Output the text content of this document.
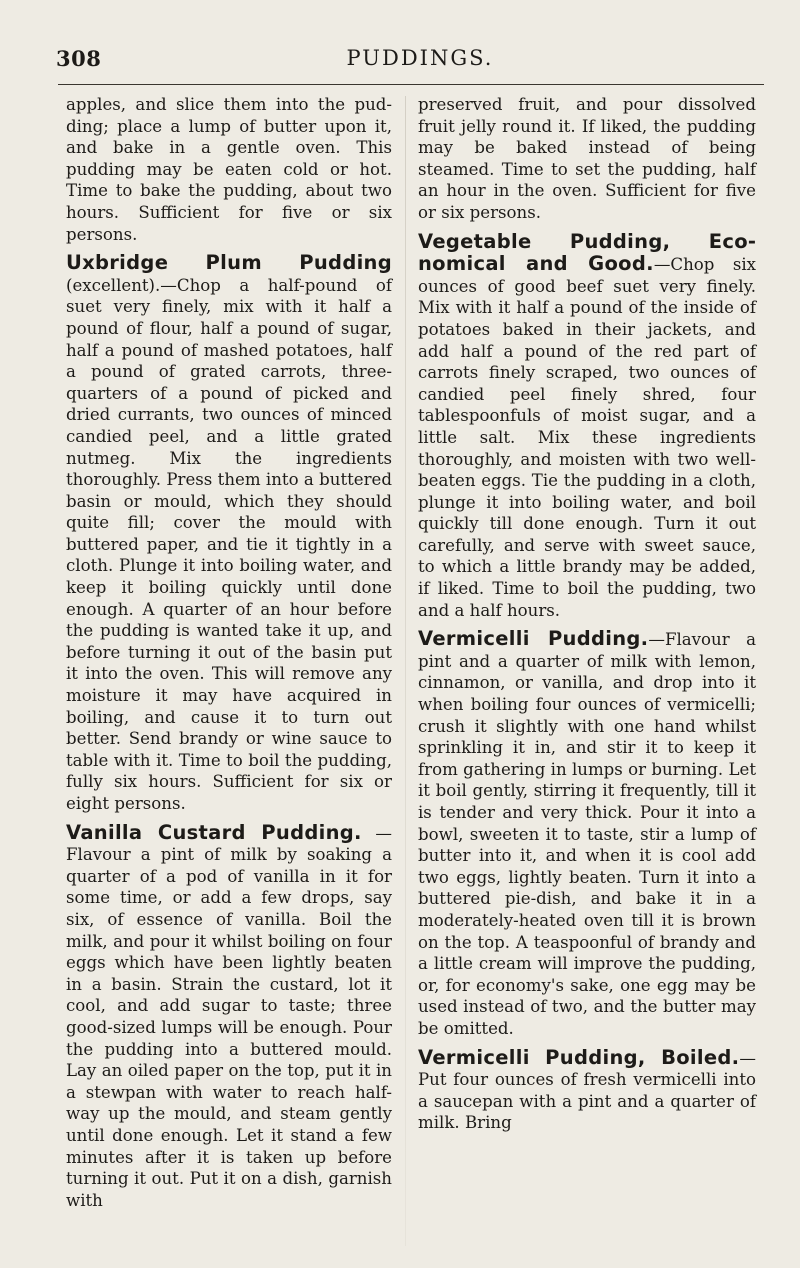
308	PUDDINGS.

apples, and slice them into the pudding; place a lump of butter upon it, and bake in a gentle oven. This pudding may be eaten cold or hot. Time to bake the pudding, about two hours. Sufficient for five or six persons.

Uxbridge Plum Pudding (excellent).—Chop a half-pound of suet very finely, mix with it half a pound of flour, half a pound of sugar, half a pound of mashed potatoes, half a pound of grated carrots, three-quarters of a pound of picked and dried currants, two ounces of minced candied peel, and a little grated nutmeg. Mix the ingredients thoroughly. Press them into a buttered basin or mould, which they should quite fill; cover the mould with buttered paper, and tie it tightly in a cloth. Plunge it into boiling water, and keep it boiling quickly until done enough. A quarter of an hour before the pudding is wanted take it up, and before turning it out of the basin put it into the oven. This will remove any moisture it may have acquired in boiling, and cause it to turn out better. Send brandy or wine sauce to table with it. Time to boil the pudding, fully six hours. Sufficient for six or eight persons.

Vanilla Custard Pudding. —Flavour a pint of milk by soaking a quarter of a pod of vanilla in it for some time, or add a few drops, say six, of essence of vanilla. Boil the milk, and pour it whilst boiling on four eggs which have been lightly beaten in a basin. Strain the custard, lot it cool, and add sugar to taste; three good-sized lumps will be enough. Pour the pudding into a buttered mould. Lay an oiled paper on the top, put it in a stewpan with water to reach half-way up the mould, and steam gently until done enough. Let it stand a few minutes after it is taken up before turning it out. Put it on a dish, garnish with

preserved fruit, and pour dissolved fruit jelly round it. If liked, the pudding may be baked instead of being steamed. Time to set the pudding, half an hour in the oven. Sufficient for five or six persons.

Vegetable Pudding, Economical and Good.—Chop six ounces of good beef suet very finely. Mix with it half a pound of the inside of potatoes baked in their jackets, and add half a pound of the red part of carrots finely scraped, two ounces of candied peel finely shred, four tablespoonfuls of moist sugar, and a little salt. Mix these ingredients thoroughly, and moisten with two well-beaten eggs. Tie the pudding in a cloth, plunge it into boiling water, and boil quickly till done enough. Turn it out carefully, and serve with sweet sauce, to which a little brandy may be added, if liked. Time to boil the pudding, two and a half hours.

Vermicelli Pudding.—Flavour a pint and a quarter of milk with lemon, cinnamon, or vanilla, and drop into it when boiling four ounces of vermicelli; crush it slightly with one hand whilst sprinkling it in, and stir it to keep it from gathering in lumps or burning. Let it boil gently, stirring it frequently, till it is tender and very thick. Pour it into a bowl, sweeten it to taste, stir a lump of butter into it, and when it is cool add two eggs, lightly beaten. Turn it into a buttered pie-dish, and bake it in a moderately-heated oven till it is brown on the top. A teaspoonful of brandy and a little cream will improve the pudding, or, for economy's sake, one egg may be used instead of two, and the butter may be omitted.

Vermicelli Pudding, Boiled.—Put four ounces of fresh vermicelli into a saucepan with a pint and a quarter of milk. Bring
